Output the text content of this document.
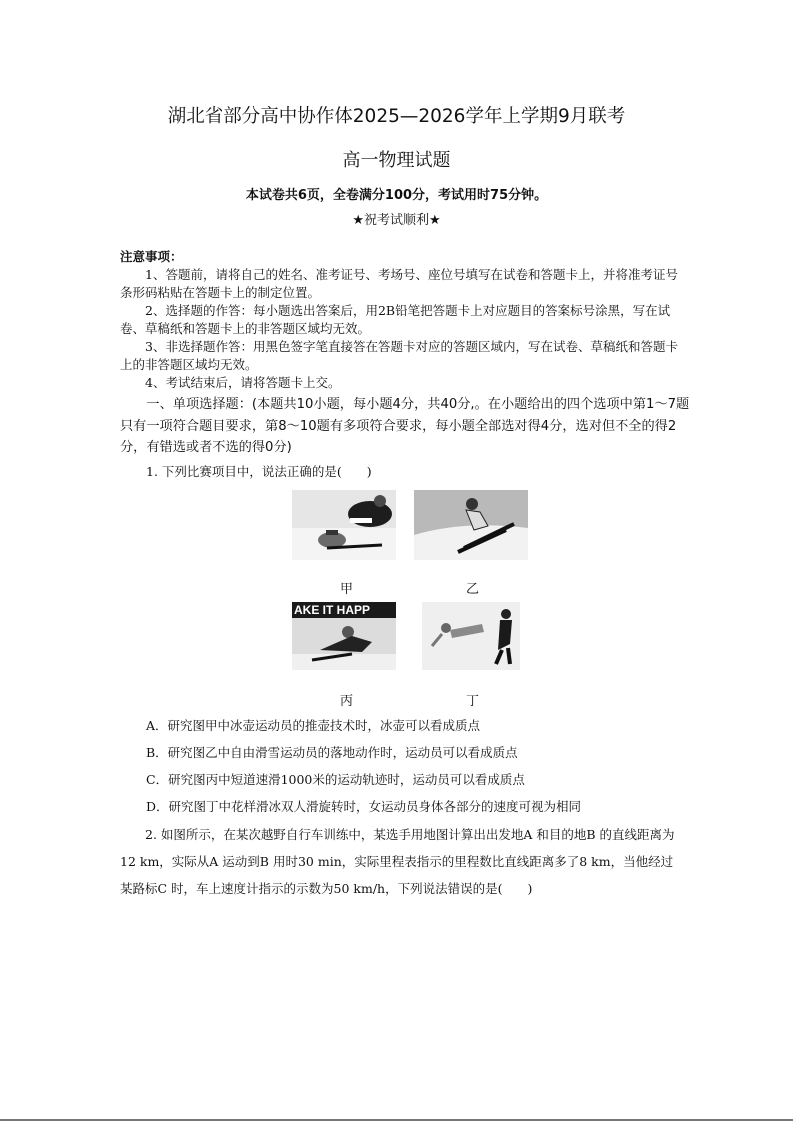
湖北省部分高中协作体2025—2026学年上学期9月联考
高一物理试题
本试卷共6页，全卷满分100分，考试用时75分钟。
★祝考试顺利★
注意事项：
1、答题前，请将自己的姓名、准考证号、考场号、座位号填写在试卷和答题卡上，并将准考证号条形码粘贴在答题卡上的制定位置。
2、选择题的作答：每小题选出答案后，用2B铅笔把答题卡上对应题目的答案标号涂黑，写在试卷、草稿纸和答题卡上的非答题区域均无效。
3、非选择题作答：用黑色签字笔直接答在答题卡对应的答题区域内，写在试卷、草稿纸和答题卡上的非答题区域均无效。
4、考试结束后，请将答题卡上交。
一、单项选择题：(本题共10小题，每小题4分，共40分,。在小题给出的四个选项中第1～7题只有一项符合题目要求，第8～10题有多项符合要求，每小题全部选对得4分，选对但不全的得2分，有错选或者不选的得0分)
1. 下列比赛项目中，说法正确的是(　　)
甲	乙
AKE IT HAPP
丙	丁
A．研究图甲中冰壶运动员的推壶技术时，冰壶可以看成质点
B．研究图乙中自由滑雪运动员的落地动作时，运动员可以看成质点
C．研究图丙中短道速滑1000米的运动轨迹时，运动员可以看成质点
D．研究图丁中花样滑冰双人滑旋转时，女运动员身体各部分的速度可视为相同
2. 如图所示，在某次越野自行车训练中，某选手用地图计算出出发地A 和目的地B 的直线距离为12 km，实际从A 运动到B 用时30 min，实际里程表指示的里程数比直线距离多了8 km，当他经过某路标C 时，车上速度计指示的示数为50 km/h，下列说法错误的是(　　)
